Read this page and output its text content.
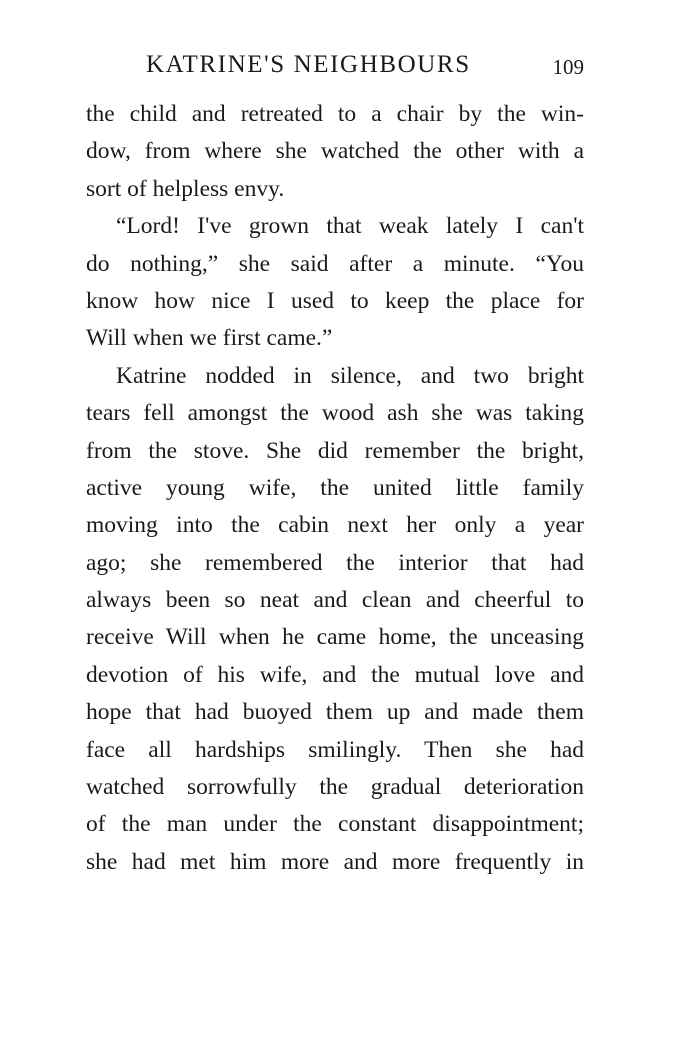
KATRINE'S NEIGHBOURS	109
the child and retreated to a chair by the win-
dow, from where she watched the other with a
sort of helpless envy.
“Lord! I've grown that weak lately I can't
do nothing,” she said after a minute. “You
know how nice I used to keep the place for
Will when we first came.”
Katrine nodded in silence, and two bright
tears fell amongst the wood ash she was taking
from the stove. She did remember the bright,
active young wife, the united little family
moving into the cabin next her only a year
ago; she remembered the interior that had
always been so neat and clean and cheerful to
receive Will when he came home, the unceasing
devotion of his wife, and the mutual love and
hope that had buoyed them up and made them
face all hardships smilingly. Then she had
watched sorrowfully the gradual deterioration
of the man under the constant disappointment;
she had met him more and more frequently in
